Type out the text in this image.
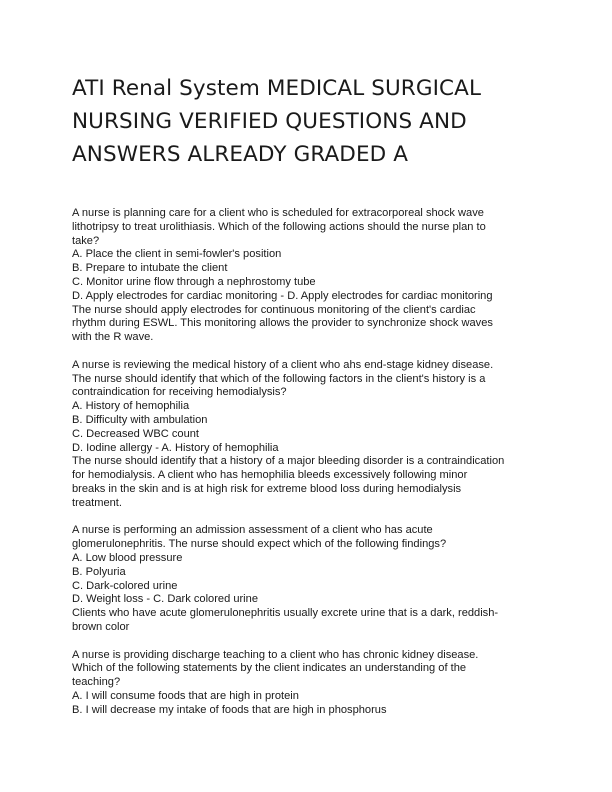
ATI Renal System MEDICAL SURGICAL
NURSING VERIFIED QUESTIONS AND
ANSWERS ALREADY GRADED A
A nurse is planning care for a client who is scheduled for extracorporeal shock wave
lithotripsy to treat urolithiasis. Which of the following actions should the nurse plan to
take?
A. Place the client in semi-fowler's position
B. Prepare to intubate the client
C. Monitor urine flow through a nephrostomy tube
D. Apply electrodes for cardiac monitoring - D. Apply electrodes for cardiac monitoring
The nurse should apply electrodes for continuous monitoring of the client's cardiac
rhythm during ESWL. This monitoring allows the provider to synchronize shock waves
with the R wave.
A nurse is reviewing the medical history of a client who ahs end-stage kidney disease.
The nurse should identify that which of the following factors in the client's history is a
contraindication for receiving hemodialysis?
A. History of hemophilia
B. Difficulty with ambulation
C. Decreased WBC count
D. Iodine allergy - A. History of hemophilia
The nurse should identify that a history of a major bleeding disorder is a contraindication
for hemodialysis. A client who has hemophilia bleeds excessively following minor
breaks in the skin and is at high risk for extreme blood loss during hemodialysis
treatment.
A nurse is performing an admission assessment of a client who has acute
glomerulonephritis. The nurse should expect which of the following findings?
A. Low blood pressure
B. Polyuria
C. Dark-colored urine
D. Weight loss - C. Dark colored urine
Clients who have acute glomerulonephritis usually excrete urine that is a dark, reddish-
brown color
A nurse is providing discharge teaching to a client who has chronic kidney disease.
Which of the following statements by the client indicates an understanding of the
teaching?
A. I will consume foods that are high in protein
B. I will decrease my intake of foods that are high in phosphorus
